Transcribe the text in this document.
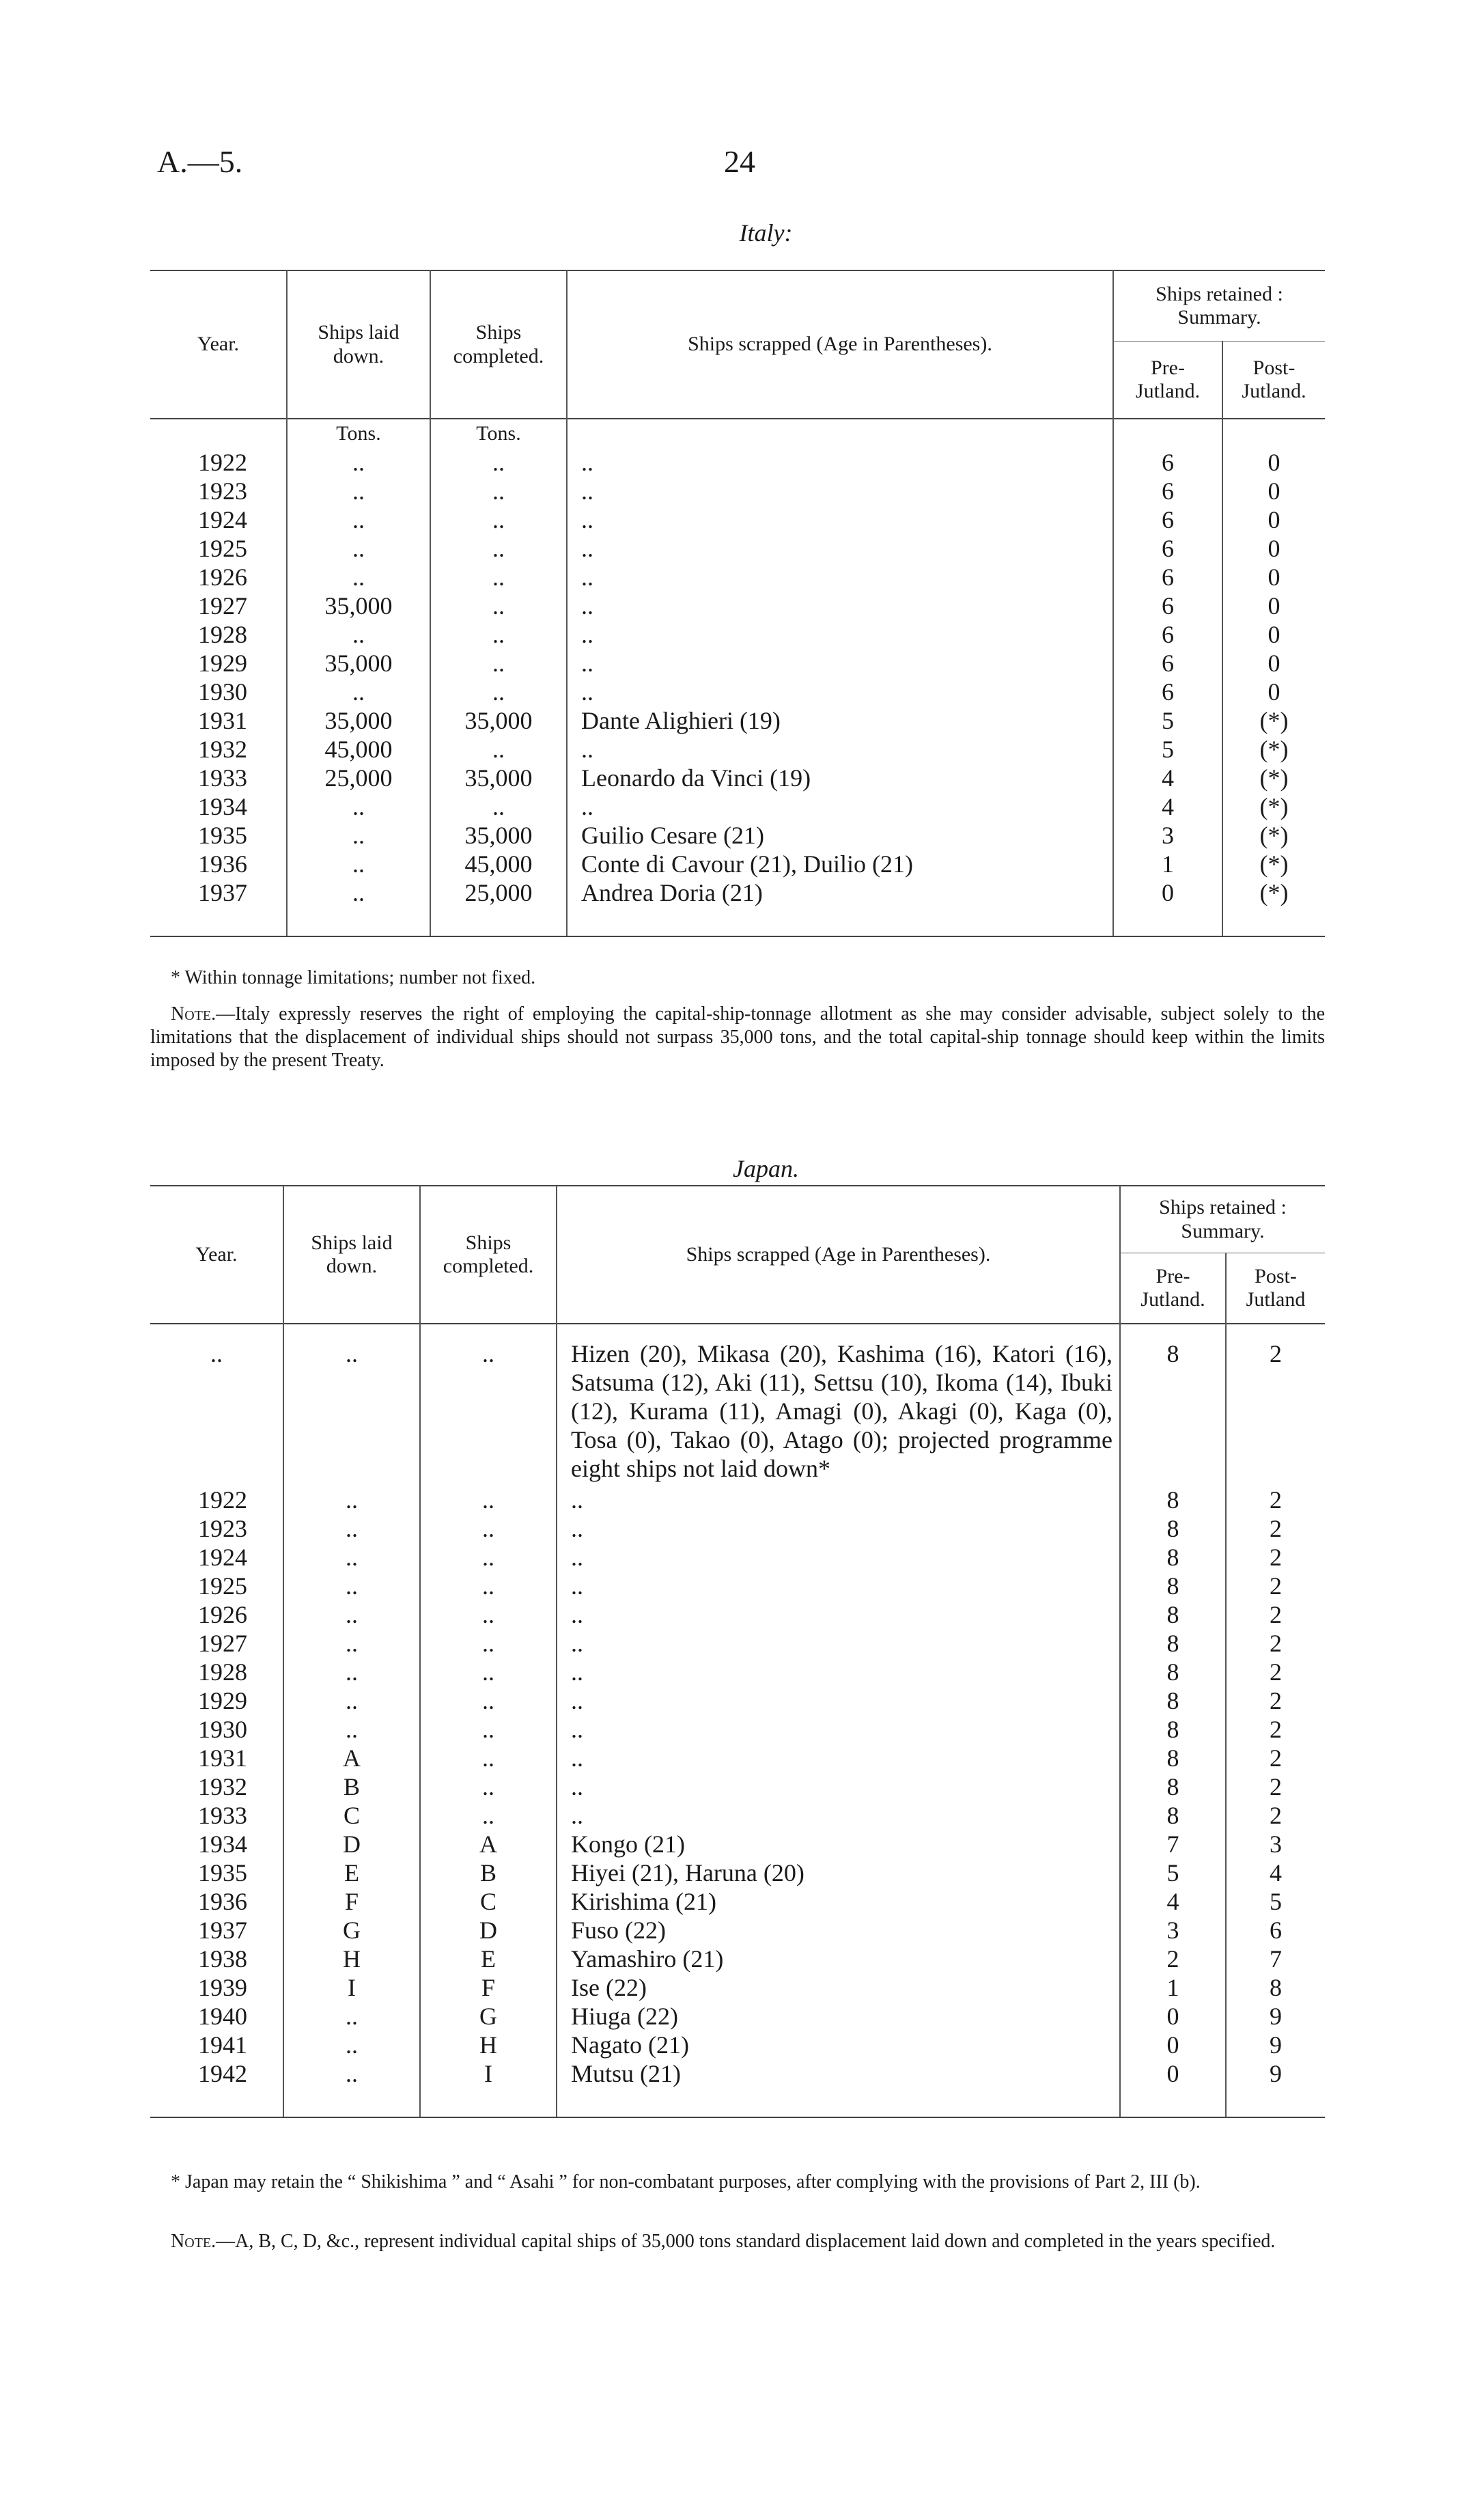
A.—5.	24
Italy:
Year.	Ships laid down.	Ships completed.	Ships scrapped (Age in Parentheses).	Ships retained : Summary.	

				Pre-Jutland.	Post-Jutland.

	Tons.	Tons.			
1922	..	..	..	6	0
1923	..	..	..	6	0
1924	..	..	..	6	0
1925	..	..	..	6	0
1926	..	..	..	6	0
1927	35,000	..	..	6	0
1928	..	..	..	6	0
1929	35,000	..	..	6	0
1930	..	..	..	6	0
1931	35,000	35,000	Dante Alighieri (19)	5	(*)
1932	45,000	..	..	5	(*)
1933	25,000	35,000	Leonardo da Vinci (19)	4	(*)
1934	..	..	..	4	(*)
1935	..	35,000	Guilio Cesare (21)	3	(*)
1936	..	45,000	Conte di Cavour (21), Duilio (21)	1	(*)
1937	..	25,000	Andrea Doria (21)	0	(*)

* Within tonnage limitations; number not fixed.
Note.—Italy expressly reserves the right of employing the capital-ship-tonnage allotment as she may consider advisable, subject solely to the limitations that the displacement of individual ships should not surpass 35,000 tons, and the total capital-ship tonnage should keep within the limits imposed by the present Treaty.
Japan.
Year.	Ships laid down.	Ships completed.	Ships scrapped (Age in Parentheses).	Ships retained : Summary.	

				Pre-Jutland.	Post-Jutland

..	..	..	Hizen (20), Mikasa (20), Kashima (16), Katori (16), Satsuma (12), Aki (11), Settsu (10), Ikoma (14), Ibuki (12), Kurama (11), Amagi (0), Akagi (0), Kaga (0), Tosa (0), Takao (0), Atago (0); projected programme eight ships not laid down*	8	2
1922	..	..	..	8	2
1923	..	..	..	8	2
1924	..	..	..	8	2
1925	..	..	..	8	2
1926	..	..	..	8	2
1927	..	..	..	8	2
1928	..	..	..	8	2
1929	..	..	..	8	2
1930	..	..	..	8	2
1931	A	..	..	8	2
1932	B	..	..	8	2
1933	C	..	..	8	2
1934	D	A	Kongo (21)	7	3
1935	E	B	Hiyei (21), Haruna (20)	5	4
1936	F	C	Kirishima (21)	4	5
1937	G	D	Fuso (22)	3	6
1938	H	E	Yamashiro (21)	2	7
1939	I	F	Ise (22)	1	8
1940	..	G	Hiuga (22)	0	9
1941	..	H	Nagato (21)	0	9
1942	..	I	Mutsu (21)	0	9

* Japan may retain the “ Shikishima ” and “ Asahi ” for non-combatant purposes, after complying with the provisions of Part 2, III (b).
Note.—A, B, C, D, &c., represent individual capital ships of 35,000 tons standard displacement laid down and completed in the years specified.
